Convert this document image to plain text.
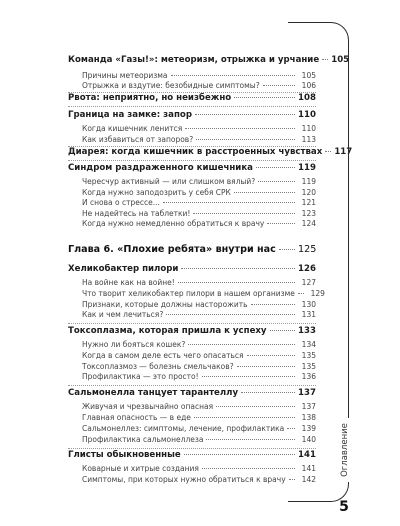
Команда «Газы!»: метеоризм, отрыжка и урчание 105
Причины метеоризма	105
Отрыжка и вздутие: безобидные симптомы?	106
Рвота: неприятно, но неизбежно	108
Граница на замке: запор	110
Когда кишечник ленится	110
Как избавиться от запоров?	113
Диарея: когда кишечник в расстроенных чувствах 117
Синдром раздраженного кишечника	119
Чересчур активный — или слишком вялый?	119
Когда нужно заподозрить у себя СРК	120
И снова о стрессе...	121
Не надейтесь на таблетки!	123
Когда нужно немедленно обратиться к врачу	124
Глава 6. «Плохие ребята» внутри нас 125
Хеликобактер пилори	126
На войне как на войне!	127
Что творит хеликобактер пилори в нашем организме	129
Признаки, которые должны насторожить	130
Как и чем лечиться?	131
Токсоплазма, которая пришла к успеху	133
Нужно ли бояться кошек?	134
Когда в самом деле есть чего опасаться	135
Токсоплазмоз — болезнь смельчаков?	135
Профилактика — это просто!	136
Сальмонелла танцует тарантеллу	137
Живучая и чрезвычайно опасная	137
Главная опасность — в еде	138
Сальмонеллез: симптомы, лечение, профилактика	139
Профилактика сальмонеллеза	140
Глисты обыкновенные	141
Коварные и хитрые создания	141
Симптомы, при которых нужно обратиться к врачу	142
Оглавление
5
